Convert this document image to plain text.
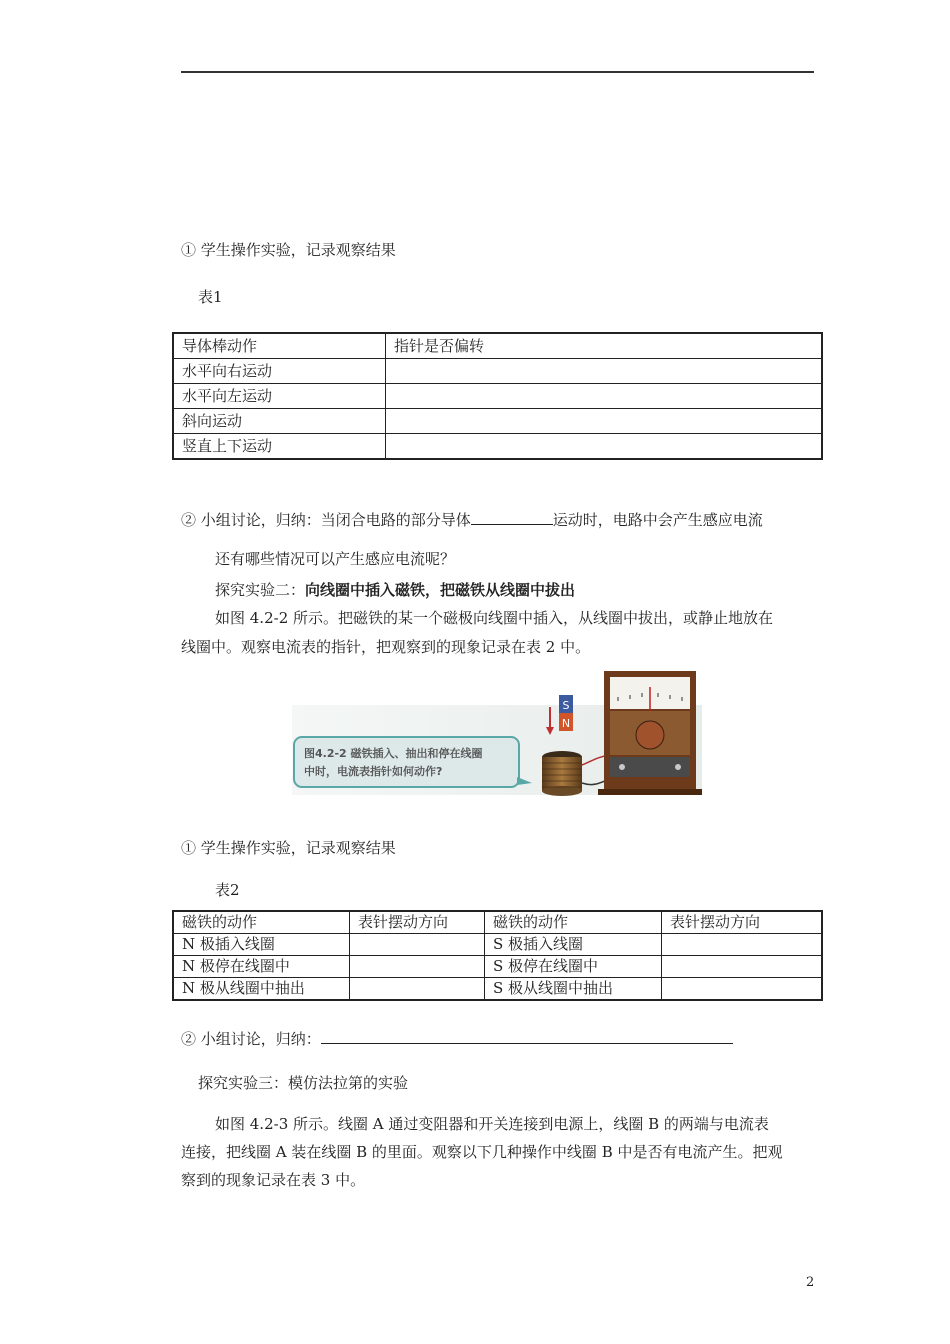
① 学生操作实验，记录观察结果
表1
导体棒动作	指针是否偏转
水平向右运动	
水平向左运动	
斜向运动	
竖直上下运动	
② 小组讨论，归纳：当闭合电路的部分导体	运动时，电路中会产生感应电流
还有哪些情况可以产生感应电流呢？
探究实验二：向线圈中插入磁铁，把磁铁从线圈中拔出
如图 4.2-2 所示。把磁铁的某一个磁极向线圈中插入，从线圈中拔出，或静止地放在
线圈中。观察电流表的指针，把观察到的现象记录在表 2 中。
S
N
图4.2-2 磁铁插入、抽出和停在线圈
中时，电流表指针如何动作?
① 学生操作实验，记录观察结果
表2
磁铁的动作	表针摆动方向	磁铁的动作	表针摆动方向
N 极插入线圈		S 极插入线圈	
N 极停在线圈中		S 极停在线圈中	
N 极从线圈中抽出		S 极从线圈中抽出	
② 小组讨论，归纳：
探究实验三：模仿法拉第的实验
如图 4.2-3 所示。线圈 A 通过变阻器和开关连接到电源上，线圈 B 的两端与电流表
连接，把线圈 A 装在线圈 B 的里面。观察以下几种操作中线圈 B 中是否有电流产生。把观
察到的现象记录在表 3 中。
2
